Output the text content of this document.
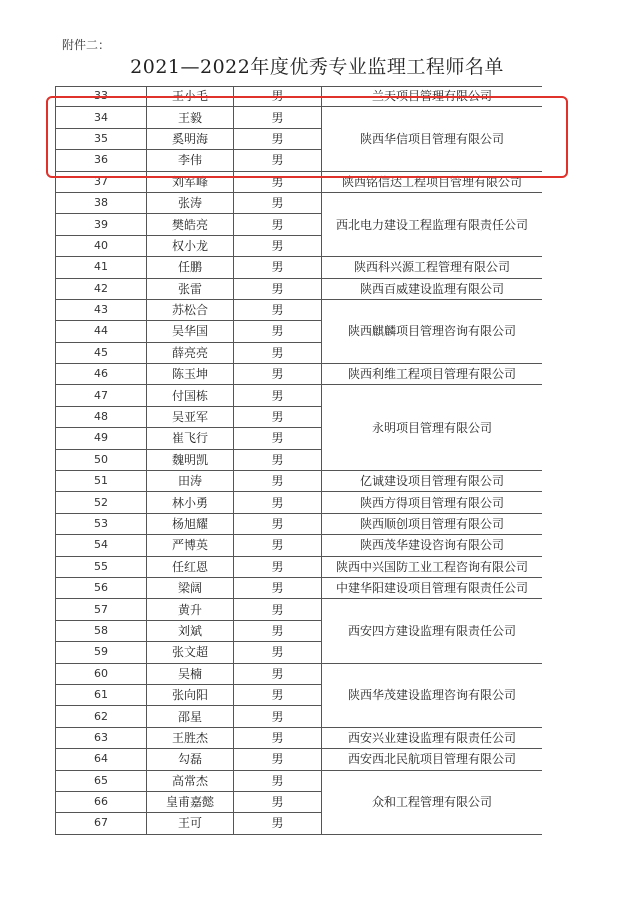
附件二：
2021—2022年度优秀专业监理工程师名单
33	王小毛	男	兰天项目管理有限公司
34	王毅	男	陕西华信项目管理有限公司
35	奚明海	男	
36	李伟	男	
37	刘军峰	男	陕西铭信达工程项目管理有限公司
38	张涛	男	西北电力建设工程监理有限责任公司
39	樊皓亮	男	
40	权小龙	男	
41	任鹏	男	陕西科兴源工程管理有限公司
42	张雷	男	陕西百威建设监理有限公司
43	苏松合	男	陕西麒麟项目管理咨询有限公司
44	吴华国	男	
45	薛亮亮	男	
46	陈玉坤	男	陕西利维工程项目管理有限公司
47	付国栋	男	永明项目管理有限公司
48	吴亚军	男	
49	崔飞行	男	
50	魏明凯	男	
51	田涛	男	亿诚建设项目管理有限公司
52	林小勇	男	陕西方得项目管理有限公司
53	杨旭耀	男	陕西顺创项目管理有限公司
54	严博英	男	陕西茂华建设咨询有限公司
55	任红恩	男	陕西中兴国防工业工程咨询有限公司
56	梁阔	男	中建华阳建设项目管理有限责任公司
57	黄升	男	西安四方建设监理有限责任公司
58	刘斌	男	
59	张文超	男	
60	吴楠	男	陕西华茂建设监理咨询有限公司
61	张向阳	男	
62	邵星	男	
63	王胜杰	男	西安兴业建设监理有限责任公司
64	勾磊	男	西安西北民航项目管理有限公司
65	高常杰	男	众和工程管理有限公司
66	皇甫嘉懿	男	
67	王可	男	
